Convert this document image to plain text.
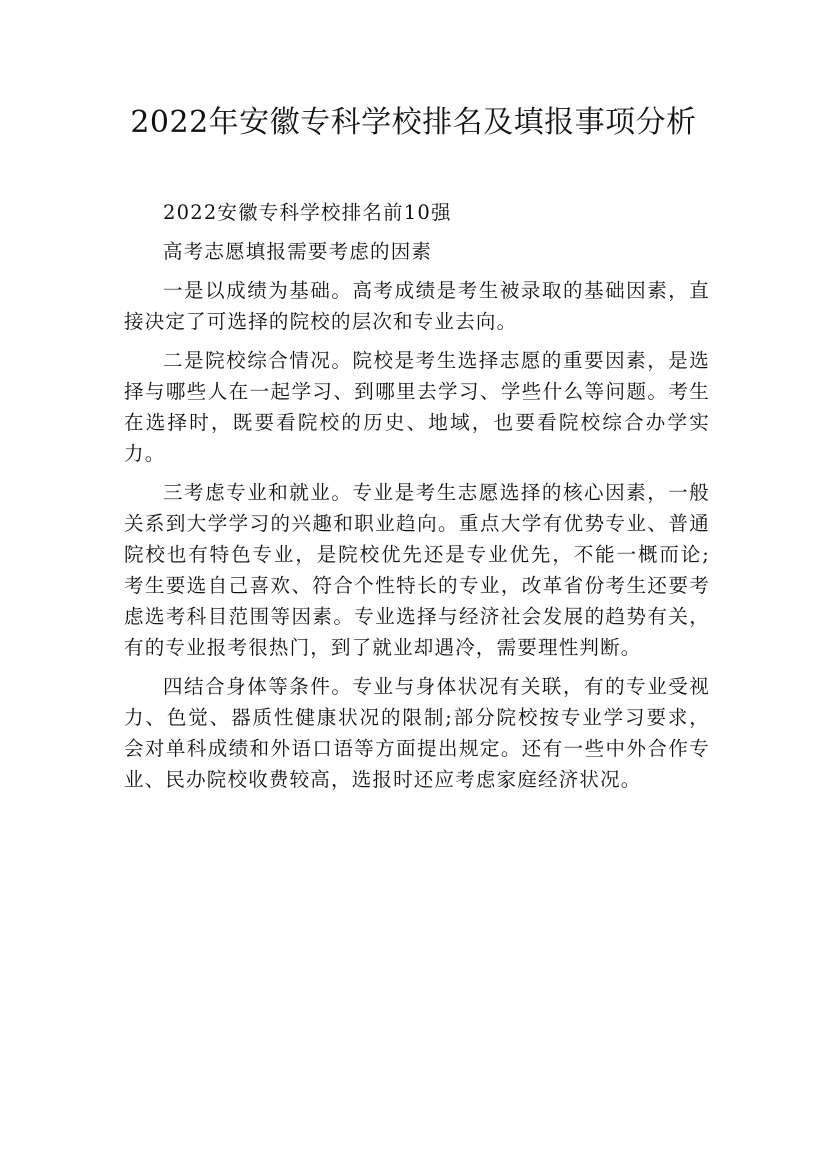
2022年安徽专科学校排名及填报事项分析

2022安徽专科学校排名前10强

高考志愿填报需要考虑的因素

一是以成绩为基础。高考成绩是考生被录取的基础因素，直接决定了可选择的院校的层次和专业去向。

二是院校综合情况。院校是考生选择志愿的重要因素，是选择与哪些人在一起学习、到哪里去学习、学些什么等问题。考生在选择时，既要看院校的历史、地域，也要看院校综合办学实力。

三考虑专业和就业。专业是考生志愿选择的核心因素，一般关系到大学学习的兴趣和职业趋向。重点大学有优势专业、普通院校也有特色专业，是院校优先还是专业优先，不能一概而论;考生要选自己喜欢、符合个性特长的专业，改革省份考生还要考虑选考科目范围等因素。专业选择与经济社会发展的趋势有关，有的专业报考很热门，到了就业却遇冷，需要理性判断。

四结合身体等条件。专业与身体状况有关联，有的专业受视力、色觉、器质性健康状况的限制;部分院校按专业学习要求，会对单科成绩和外语口语等方面提出规定。还有一些中外合作专业、民办院校收费较高，选报时还应考虑家庭经济状况。
